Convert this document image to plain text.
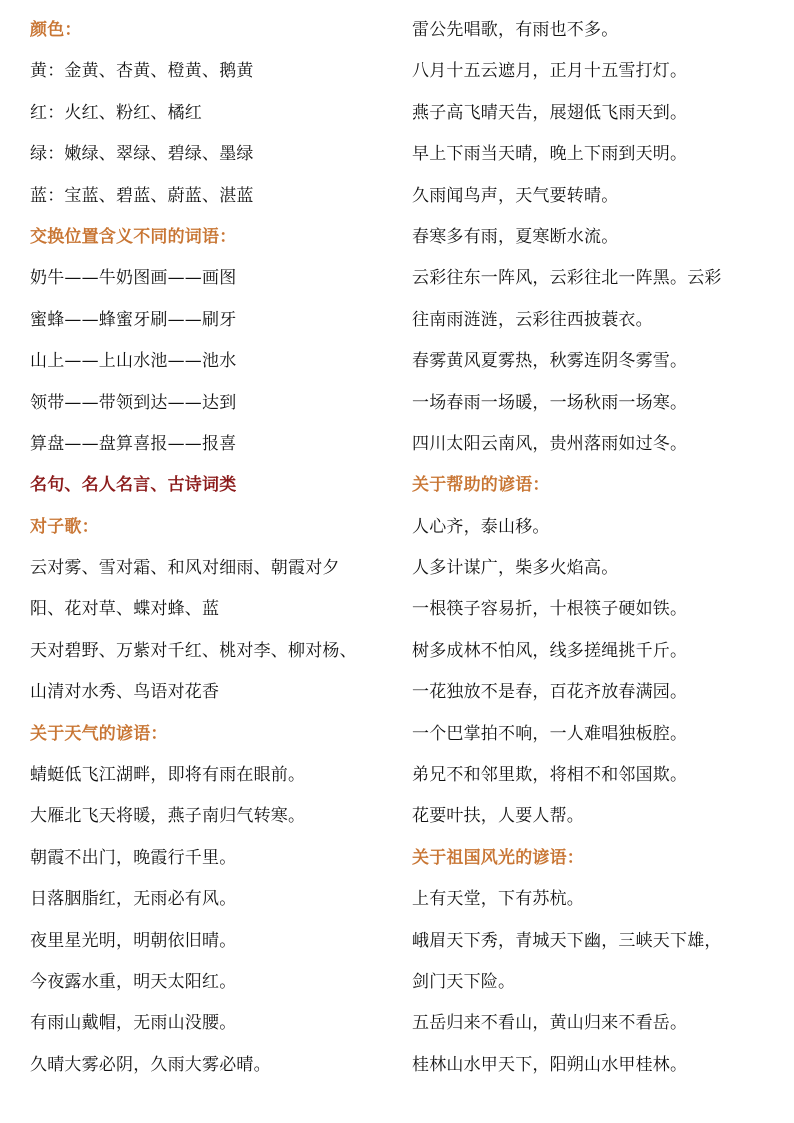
颜色：
黄：金黄、杏黄、橙黄、鹅黄
红：火红、粉红、橘红
绿：嫩绿、翠绿、碧绿、墨绿
蓝：宝蓝、碧蓝、蔚蓝、湛蓝
交换位置含义不同的词语：
奶牛——牛奶图画——画图
蜜蜂——蜂蜜牙刷——刷牙
山上——上山水池——池水
领带——带领到达——达到
算盘——盘算喜报——报喜
名句、名人名言、古诗词类
对子歌：
云对雾、雪对霜、和风对细雨、朝霞对夕
阳、花对草、蝶对蜂、蓝
天对碧野、万紫对千红、桃对李、柳对杨、
山清对水秀、鸟语对花香
关于天气的谚语：
蜻蜓低飞江湖畔，即将有雨在眼前。
大雁北飞天将暖，燕子南归气转寒。
朝霞不出门，晚霞行千里。
日落胭脂红，无雨必有风。
夜里星光明，明朝依旧晴。
今夜露水重，明天太阳红。
有雨山戴帽，无雨山没腰。
久晴大雾必阴，久雨大雾必晴。
雷公先唱歌，有雨也不多。
八月十五云遮月，正月十五雪打灯。
燕子高飞晴天告，展翅低飞雨天到。
早上下雨当天晴，晚上下雨到天明。
久雨闻鸟声，天气要转晴。
春寒多有雨，夏寒断水流。
云彩往东一阵风，云彩往北一阵黑。云彩
往南雨涟涟，云彩往西披蓑衣。
春雾黄风夏雾热，秋雾连阴冬雾雪。
一场春雨一场暖，一场秋雨一场寒。
四川太阳云南风，贵州落雨如过冬。
关于帮助的谚语：
人心齐，泰山移。
人多计谋广，柴多火焰高。
一根筷子容易折，十根筷子硬如铁。
树多成林不怕风，线多搓绳挑千斤。
一花独放不是春，百花齐放春满园。
一个巴掌拍不响，一人难唱独板腔。
弟兄不和邻里欺，将相不和邻国欺。
花要叶扶，人要人帮。
关于祖国风光的谚语：
上有天堂，下有苏杭。
峨眉天下秀，青城天下幽，三峡天下雄，
剑门天下险。
五岳归来不看山，黄山归来不看岳。
桂林山水甲天下，阳朔山水甲桂林。
